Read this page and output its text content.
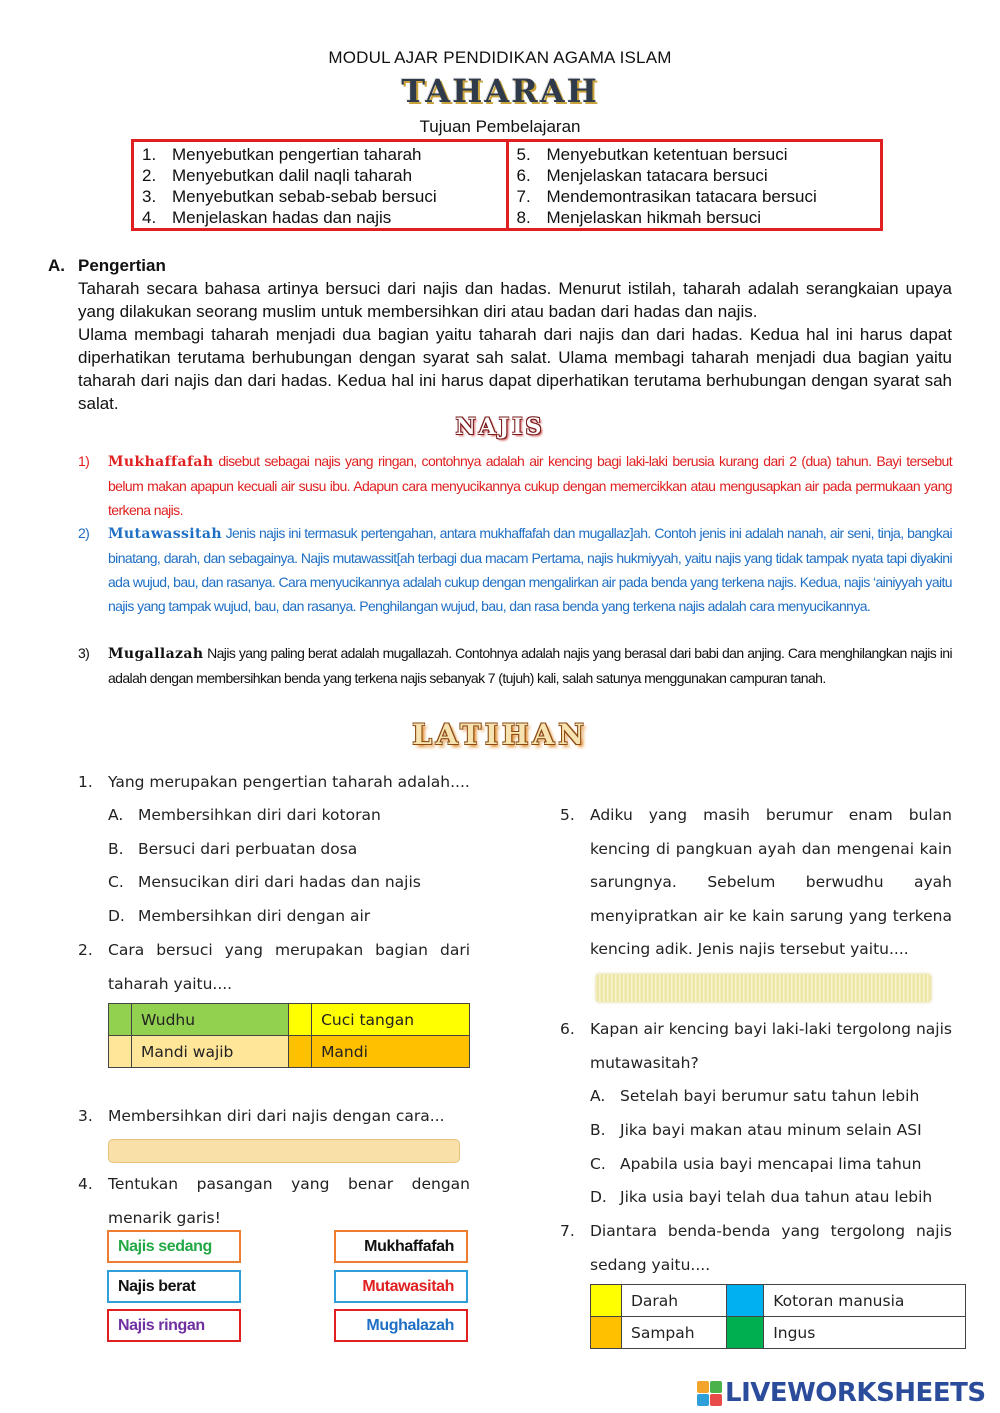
MODUL AJAR PENDIDIKAN AGAMA ISLAM
TAHARAH
Tujuan Pembelajaran
1. Menyebutkan pengertian taharah
2. Menyebutkan dalil naqli taharah
3. Menyebutkan sebab-sebab bersuci
4. Menjelaskan hadas dan najis
5. Menyebutkan ketentuan bersuci
6. Menjelaskan tatacara bersuci
7. Mendemontrasikan tatacara bersuci
8. Menjelaskan hikmah bersuci
A. Pengertian
Taharah secara bahasa artinya bersuci dari najis dan hadas. Menurut istilah, taharah adalah serangkaian upaya yang dilakukan seorang muslim untuk membersihkan diri atau badan dari hadas dan najis.
Ulama membagi taharah menjadi dua bagian yaitu taharah dari najis dan dari hadas. Kedua hal ini harus dapat diperhatikan terutama berhubungan dengan syarat sah salat. Ulama membagi taharah menjadi dua bagian yaitu taharah dari najis dan dari hadas. Kedua hal ini harus dapat diperhatikan terutama berhubungan dengan syarat sah salat.
NAJIS
1) Mukhaffafah disebut sebagai najis yang ringan, contohnya adalah air kencing bagi laki-laki berusia kurang dari 2 (dua) tahun. Bayi tersebut belum makan apapun kecuali air susu ibu. Adapun cara menyucikannya cukup dengan memercikkan atau mengusapkan air pada permukaan yang terkena najis.
2) Mutawassitah Jenis najis ini termasuk pertengahan, antara mukhaffafah dan mugallaz]ah. Contoh jenis ini adalah nanah, air seni, tinja, bangkai binatang, darah, dan sebagainya. Najis mutawassit[ah terbagi dua macam Pertama, najis hukmiyyah, yaitu najis yang tidak tampak nyata tapi diyakini ada wujud, bau, dan rasanya. Cara menyucikannya adalah cukup dengan mengalirkan air pada benda yang terkena najis. Kedua, najis ‘ainiyyah yaitu najis yang tampak wujud, bau, dan rasanya. Penghilangan wujud, bau, dan rasa benda yang terkena najis adalah cara menyucikannya.
3) Mugallazah Najis yang paling berat adalah mugallazah. Contohnya adalah najis yang berasal dari babi dan anjing. Cara menghilangkan najis ini adalah dengan membersihkan benda yang terkena najis sebanyak 7 (tujuh) kali, salah satunya menggunakan campuran tanah.
LATIHAN
1. Yang merupakan pengertian taharah adalah....
A. Membersihkan diri dari kotoran
B. Bersuci dari perbuatan dosa
C. Mensucikan diri dari hadas dan najis
D. Membersihkan diri dengan air
2. Cara bersuci yang merupakan bagian dari taharah yaitu....
	Wudhu		Cuci tangan

	Mandi wajib		Mandi
3. Membersihkan diri dari najis dengan cara...
4. Tentukan pasangan yang benar dengan menarik garis!
Najis sedang
Najis berat
Najis ringan
Mukhaffafah
Mutawasitah
Mughalazah
5. Adiku yang masih berumur enam bulan kencing di pangkuan ayah dan mengenai kain sarungnya. Sebelum berwudhu ayah menyipratkan air ke kain sarung yang terkena kencing adik. Jenis najis tersebut yaitu....
6. Kapan air kencing bayi laki-laki tergolong najis mutawasitah?
A. Setelah bayi berumur satu tahun lebih
B. Jika bayi makan atau minum selain ASI
C. Apabila usia bayi mencapai lima tahun
D. Jika usia bayi telah dua tahun atau lebih
7. Diantara benda-benda yang tergolong najis sedang yaitu....
	Darah		Kotoran manusia

	Sampah		Ingus
LIVEWORKSHEETS
